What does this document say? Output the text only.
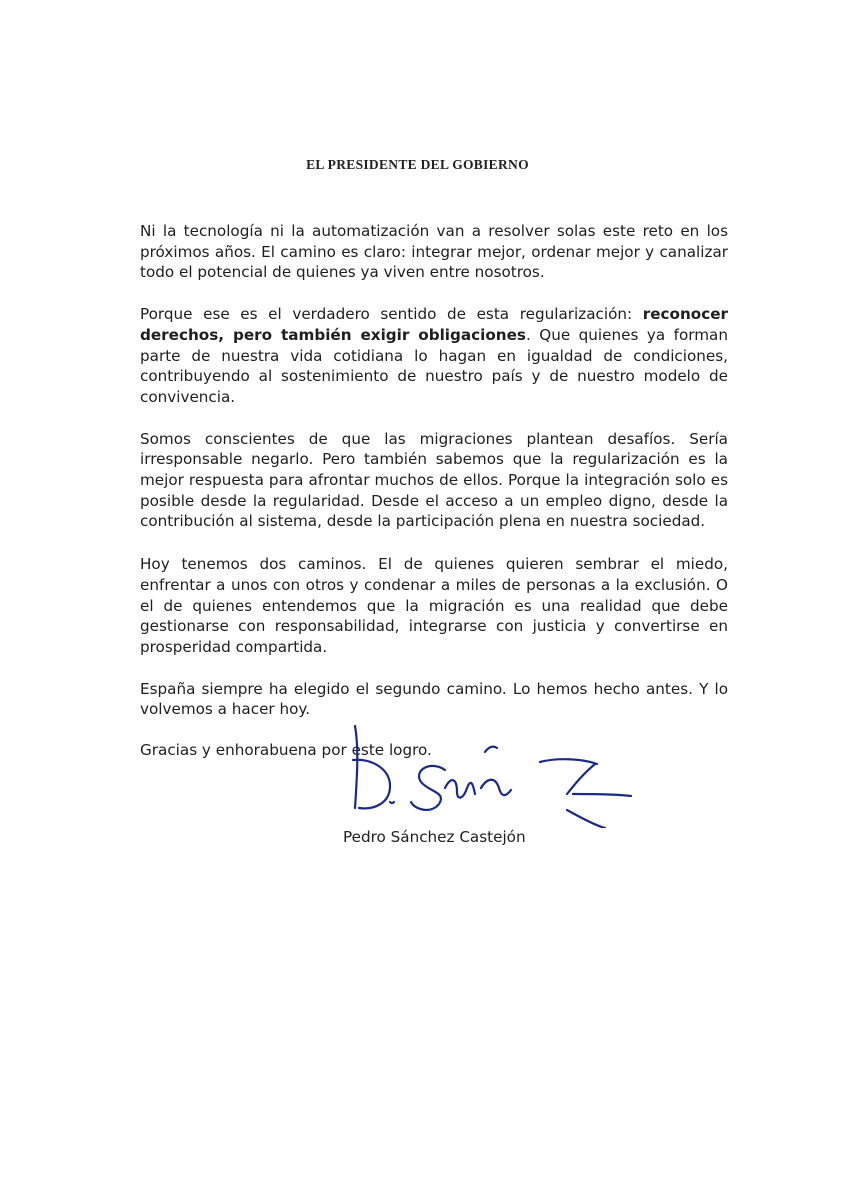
EL PRESIDENTE DEL GOBIERNO

Ni la tecnología ni la automatización van a resolver solas este reto en los próximos años. El camino es claro: integrar mejor, ordenar mejor y canalizar todo el potencial de quienes ya viven entre nosotros.

Porque ese es el verdadero sentido de esta regularización: reconocer derechos, pero también exigir obligaciones. Que quienes ya forman parte de nuestra vida cotidiana lo hagan en igualdad de condiciones, contribuyendo al sostenimiento de nuestro país y de nuestro modelo de convivencia.

Somos conscientes de que las migraciones plantean desafíos. Sería irresponsable negarlo. Pero también sabemos que la regularización es la mejor respuesta para afrontar muchos de ellos. Porque la integración solo es posible desde la regularidad. Desde el acceso a un empleo digno, desde la contribución al sistema, desde la participación plena en nuestra sociedad.

Hoy tenemos dos caminos. El de quienes quieren sembrar el miedo, enfrentar a unos con otros y condenar a miles de personas a la exclusión. O el de quienes entendemos que la migración es una realidad que debe gestionarse con responsabilidad, integrarse con justicia y convertirse en prosperidad compartida.

España siempre ha elegido el segundo camino. Lo hemos hecho antes. Y lo volvemos a hacer hoy.

Gracias y enhorabuena por este logro.

Pedro Sánchez Castejón
